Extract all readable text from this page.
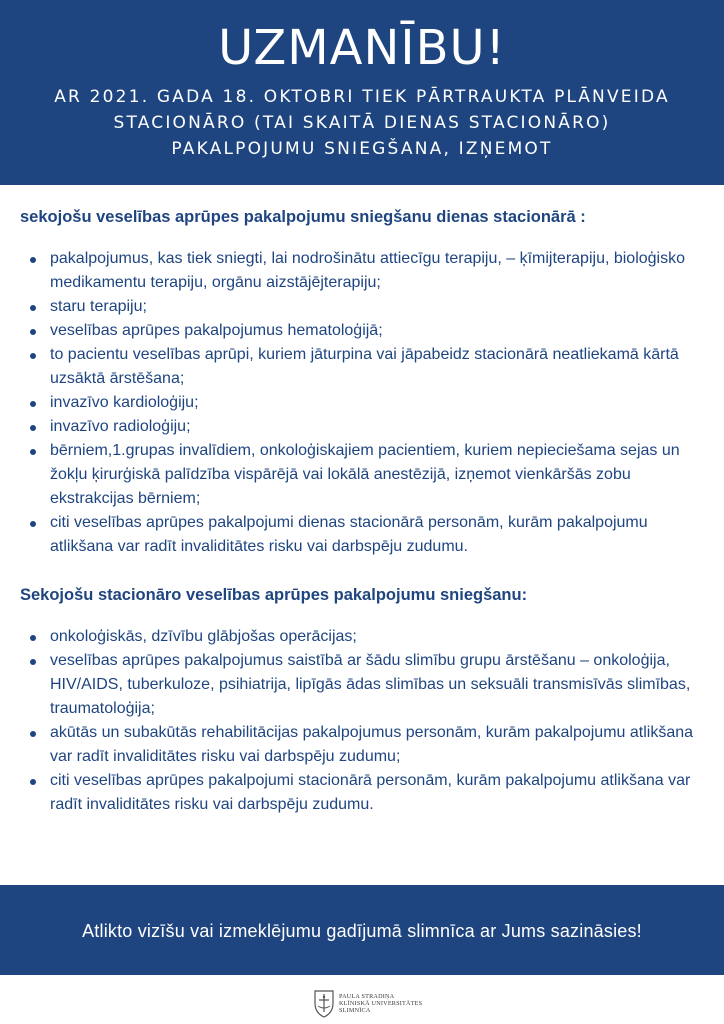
UZMANĪBU!
AR 2021. GADA 18. OKTOBRI TIEK PĀRTRAUKTA PLĀNVEIDA
STACIONĀRO (TAI SKAITĀ DIENAS STACIONĀRO)
PAKALPOJUMU SNIEGŠANA, IZŅEMOT
sekojošu veselības aprūpes pakalpojumu sniegšanu dienas stacionārā :
pakalpojumus, kas tiek sniegti, lai nodrošinātu attiecīgu terapiju, – ķīmijterapiju, bioloģisko medikamentu terapiju, orgānu aizstājējterapiju;
staru terapiju;
veselības aprūpes pakalpojumus hematoloģijā;
to pacientu veselības aprūpi, kuriem jāturpina vai jāpabeidz stacionārā neatliekamā kārtā uzsāktā ārstēšana;
invazīvo kardioloģiju;
invazīvo radioloģiju;
bērniem,1.grupas invalīdiem, onkoloģiskajiem pacientiem, kuriem nepieciešama sejas un žokļu ķirurģiskā palīdzība vispārējā vai lokālā anestēzijā, izņemot vienkāršās zobu ekstrakcijas bērniem;
citi veselības aprūpes pakalpojumi dienas stacionārā personām, kurām pakalpojumu atlikšana var radīt invaliditātes risku vai darbspēju zudumu.
Sekojošu stacionāro veselības aprūpes pakalpojumu sniegšanu:
onkoloģiskās, dzīvību glābjošas operācijas;
veselības aprūpes pakalpojumus saistībā ar šādu slimību grupu ārstēšanu – onkoloģija, HIV/AIDS, tuberkuloze, psihiatrija, lipīgās ādas slimības un seksuāli transmisīvās slimības, traumatoloģija;
akūtās un subakūtās rehabilitācijas pakalpojumus personām, kurām pakalpojumu atlikšana var radīt invaliditātes risku vai darbspēju zudumu;
citi veselības aprūpes pakalpojumi stacionārā personām, kurām pakalpojumu atlikšana var radīt invaliditātes risku vai darbspēju zudumu.

Atlikto vizīšu vai izmeklējumu gadījumā slimnīca ar Jums sazināsies!

PAULA STRADIŅA
KLĪNISKĀ UNIVERSITĀTES
SLIMNĪCA
